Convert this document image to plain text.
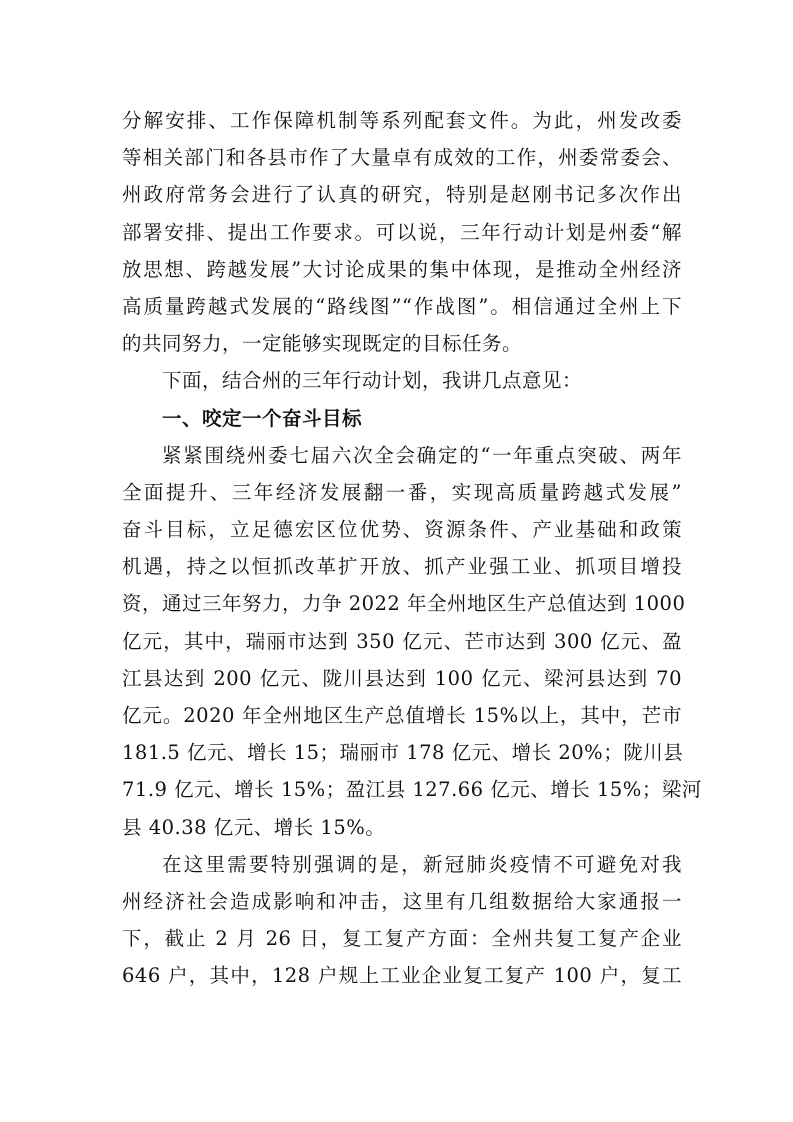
分解安排、工作保障机制等系列配套文件。为此，州发改委
等相关部门和各县市作了大量卓有成效的工作，州委常委会、
州政府常务会进行了认真的研究，特别是赵刚书记多次作出
部署安排、提出工作要求。可以说，三年行动计划是州委“解
放思想、跨越发展”大讨论成果的集中体现，是推动全州经济
高质量跨越式发展的“路线图”“作战图”。相信通过全州上下
的共同努力，一定能够实现既定的目标任务。
下面，结合州的三年行动计划，我讲几点意见：
一、咬定一个奋斗目标
紧紧围绕州委七届六次全会确定的“一年重点突破、两年
全面提升、三年经济发展翻一番，实现高质量跨越式发展”
奋斗目标，立足德宏区位优势、资源条件、产业基础和政策
机遇，持之以恒抓改革扩开放、抓产业强工业、抓项目增投
资，通过三年努力，力争 2022 年全州地区生产总值达到 1000
亿元，其中，瑞丽市达到 350 亿元、芒市达到 300 亿元、盈
江县达到 200 亿元、陇川县达到 100 亿元、梁河县达到 70
亿元。2020 年全州地区生产总值增长 15%以上，其中，芒市
181.5 亿元、增长 15；瑞丽市 178 亿元、增长 20%；陇川县
71.9 亿元、增长 15%；盈江县 127.66 亿元、增长 15%；梁河
县 40.38 亿元、增长 15%。
在这里需要特别强调的是，新冠肺炎疫情不可避免对我
州经济社会造成影响和冲击，这里有几组数据给大家通报一
下，截止 2 月 26 日，复工复产方面：全州共复工复产企业
646 户，其中，128 户规上工业企业复工复产 100 户，复工
